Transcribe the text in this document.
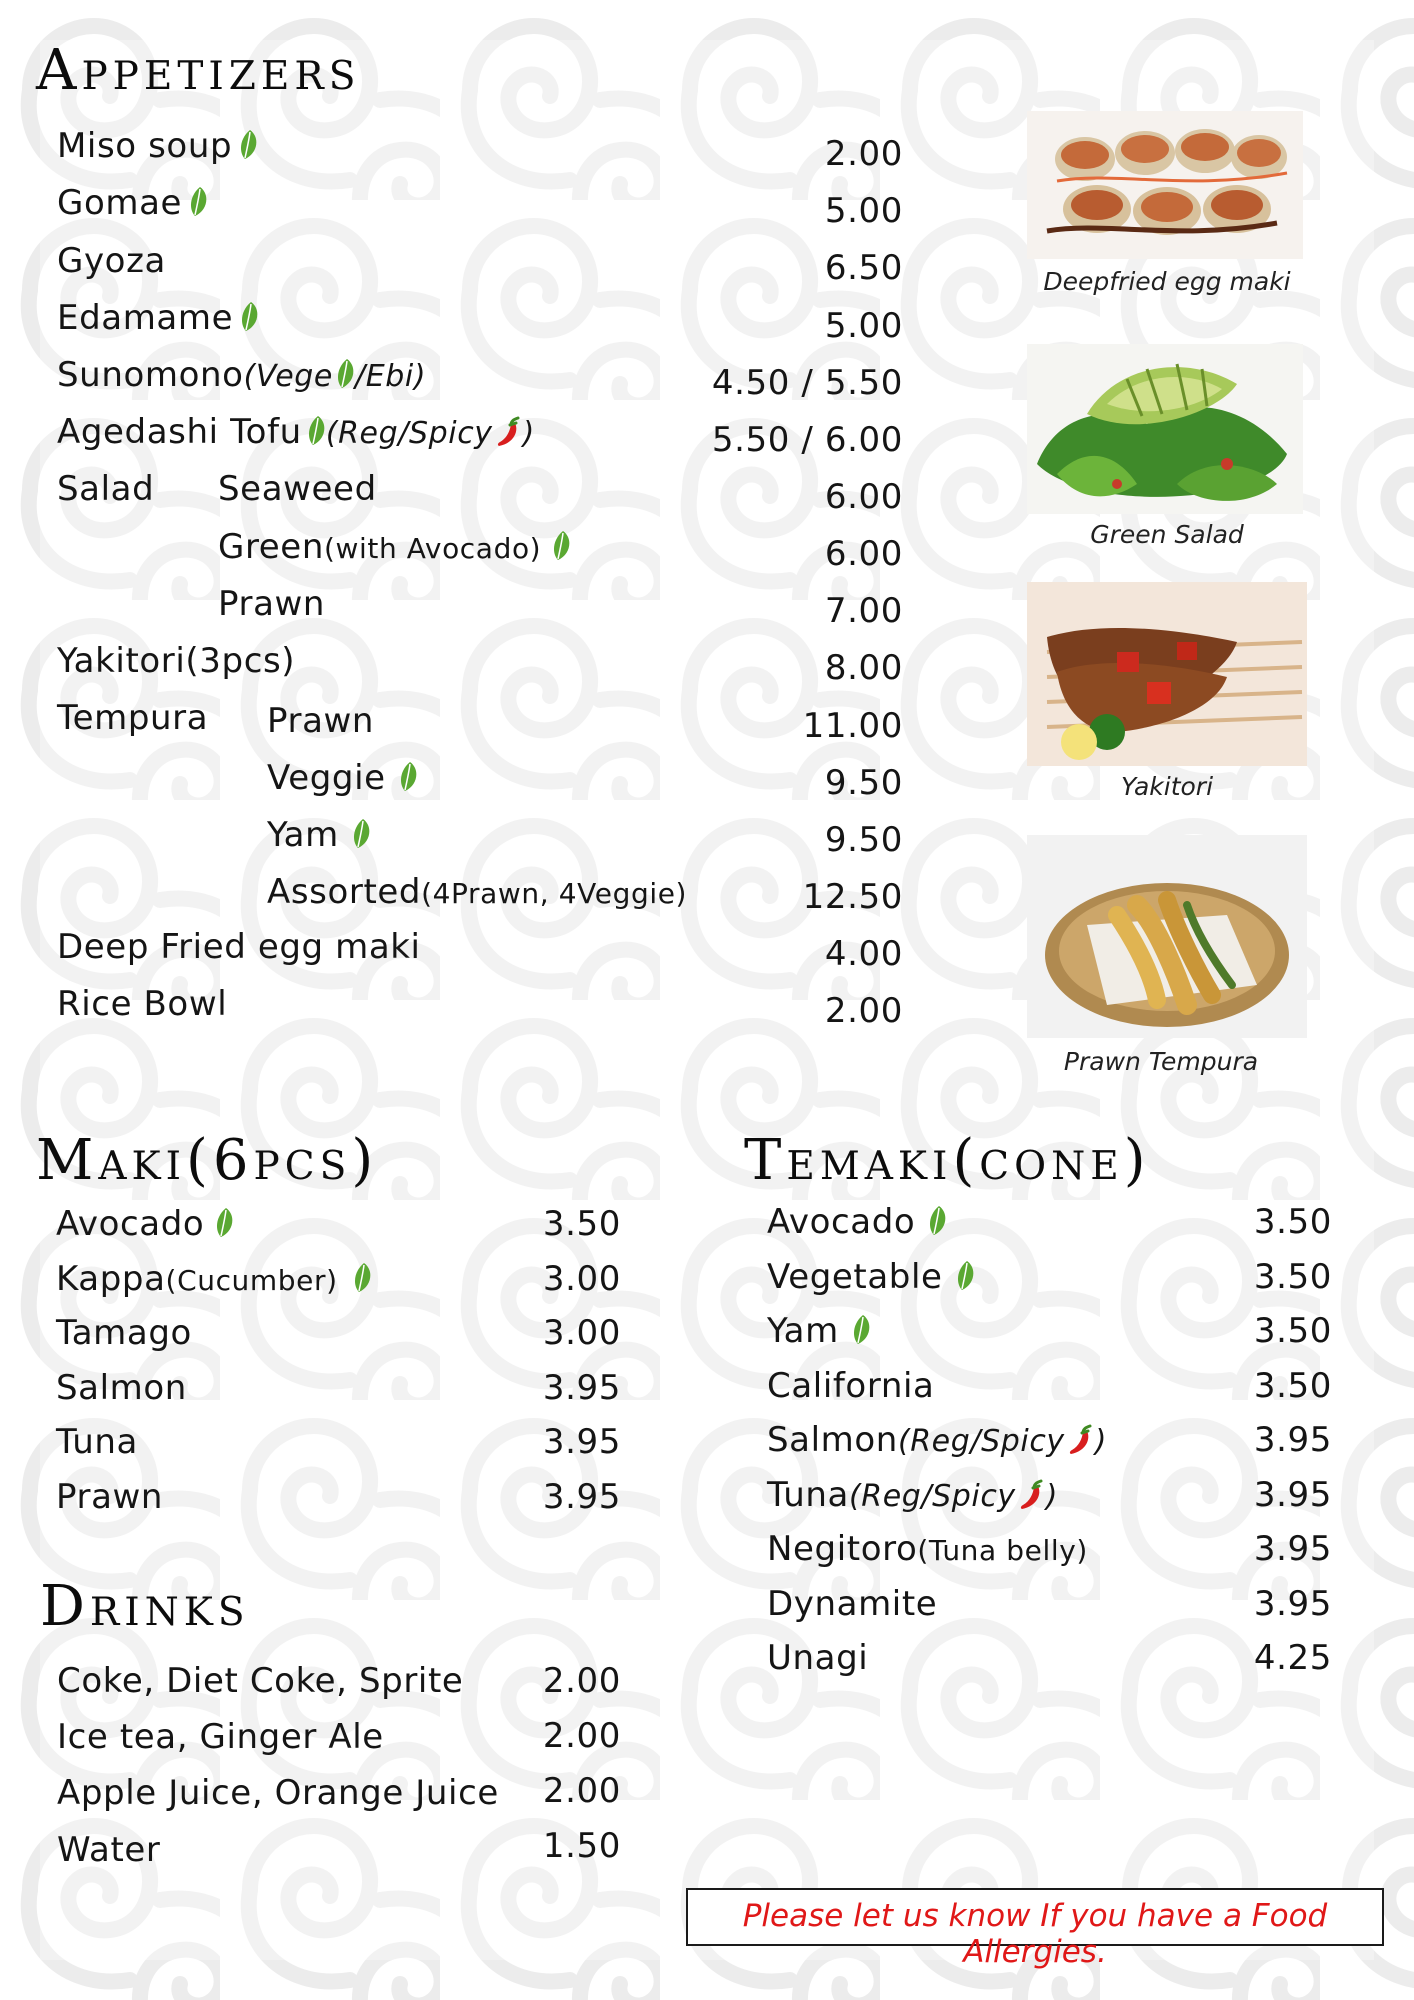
Appetizers
Miso soup	2.00
Gomae	5.00
Gyoza	6.50
Edamame	5.00
Sunomono(Vege /Ebi)	4.50 / 5.50
Agedashi Tofu (Reg/Spicy )	5.50 / 6.00
Salad Seaweed	6.00
Green(with Avocado)	6.00
Prawn	7.00
Yakitori(3pcs)	8.00
Tempura Prawn	11.00
Veggie	9.50
Yam	9.50
Assorted(4Prawn, 4Veggie)	12.50
Deep Fried egg maki	4.00
Rice Bowl	2.00
Deepfried egg maki
Green Salad
Yakitori
Prawn Tempura
Maki(6pcs)
Avocado	3.50
Kappa(Cucumber)	3.00
Tamago	3.00
Salmon	3.95
Tuna	3.95
Prawn	3.95
Drinks
Coke, Diet Coke, Sprite	2.00
Ice tea, Ginger Ale	2.00
Apple Juice, Orange Juice	2.00
Water	1.50
Temaki(cone)
Avocado	3.50
Vegetable	3.50
Yam	3.50
California	3.50
Salmon(Reg/Spicy )	3.95
Tuna(Reg/Spicy )	3.95
Negitoro(Tuna belly)	3.95
Dynamite	3.95
Unagi	4.25
Please let us know If you have a Food Allergies.
